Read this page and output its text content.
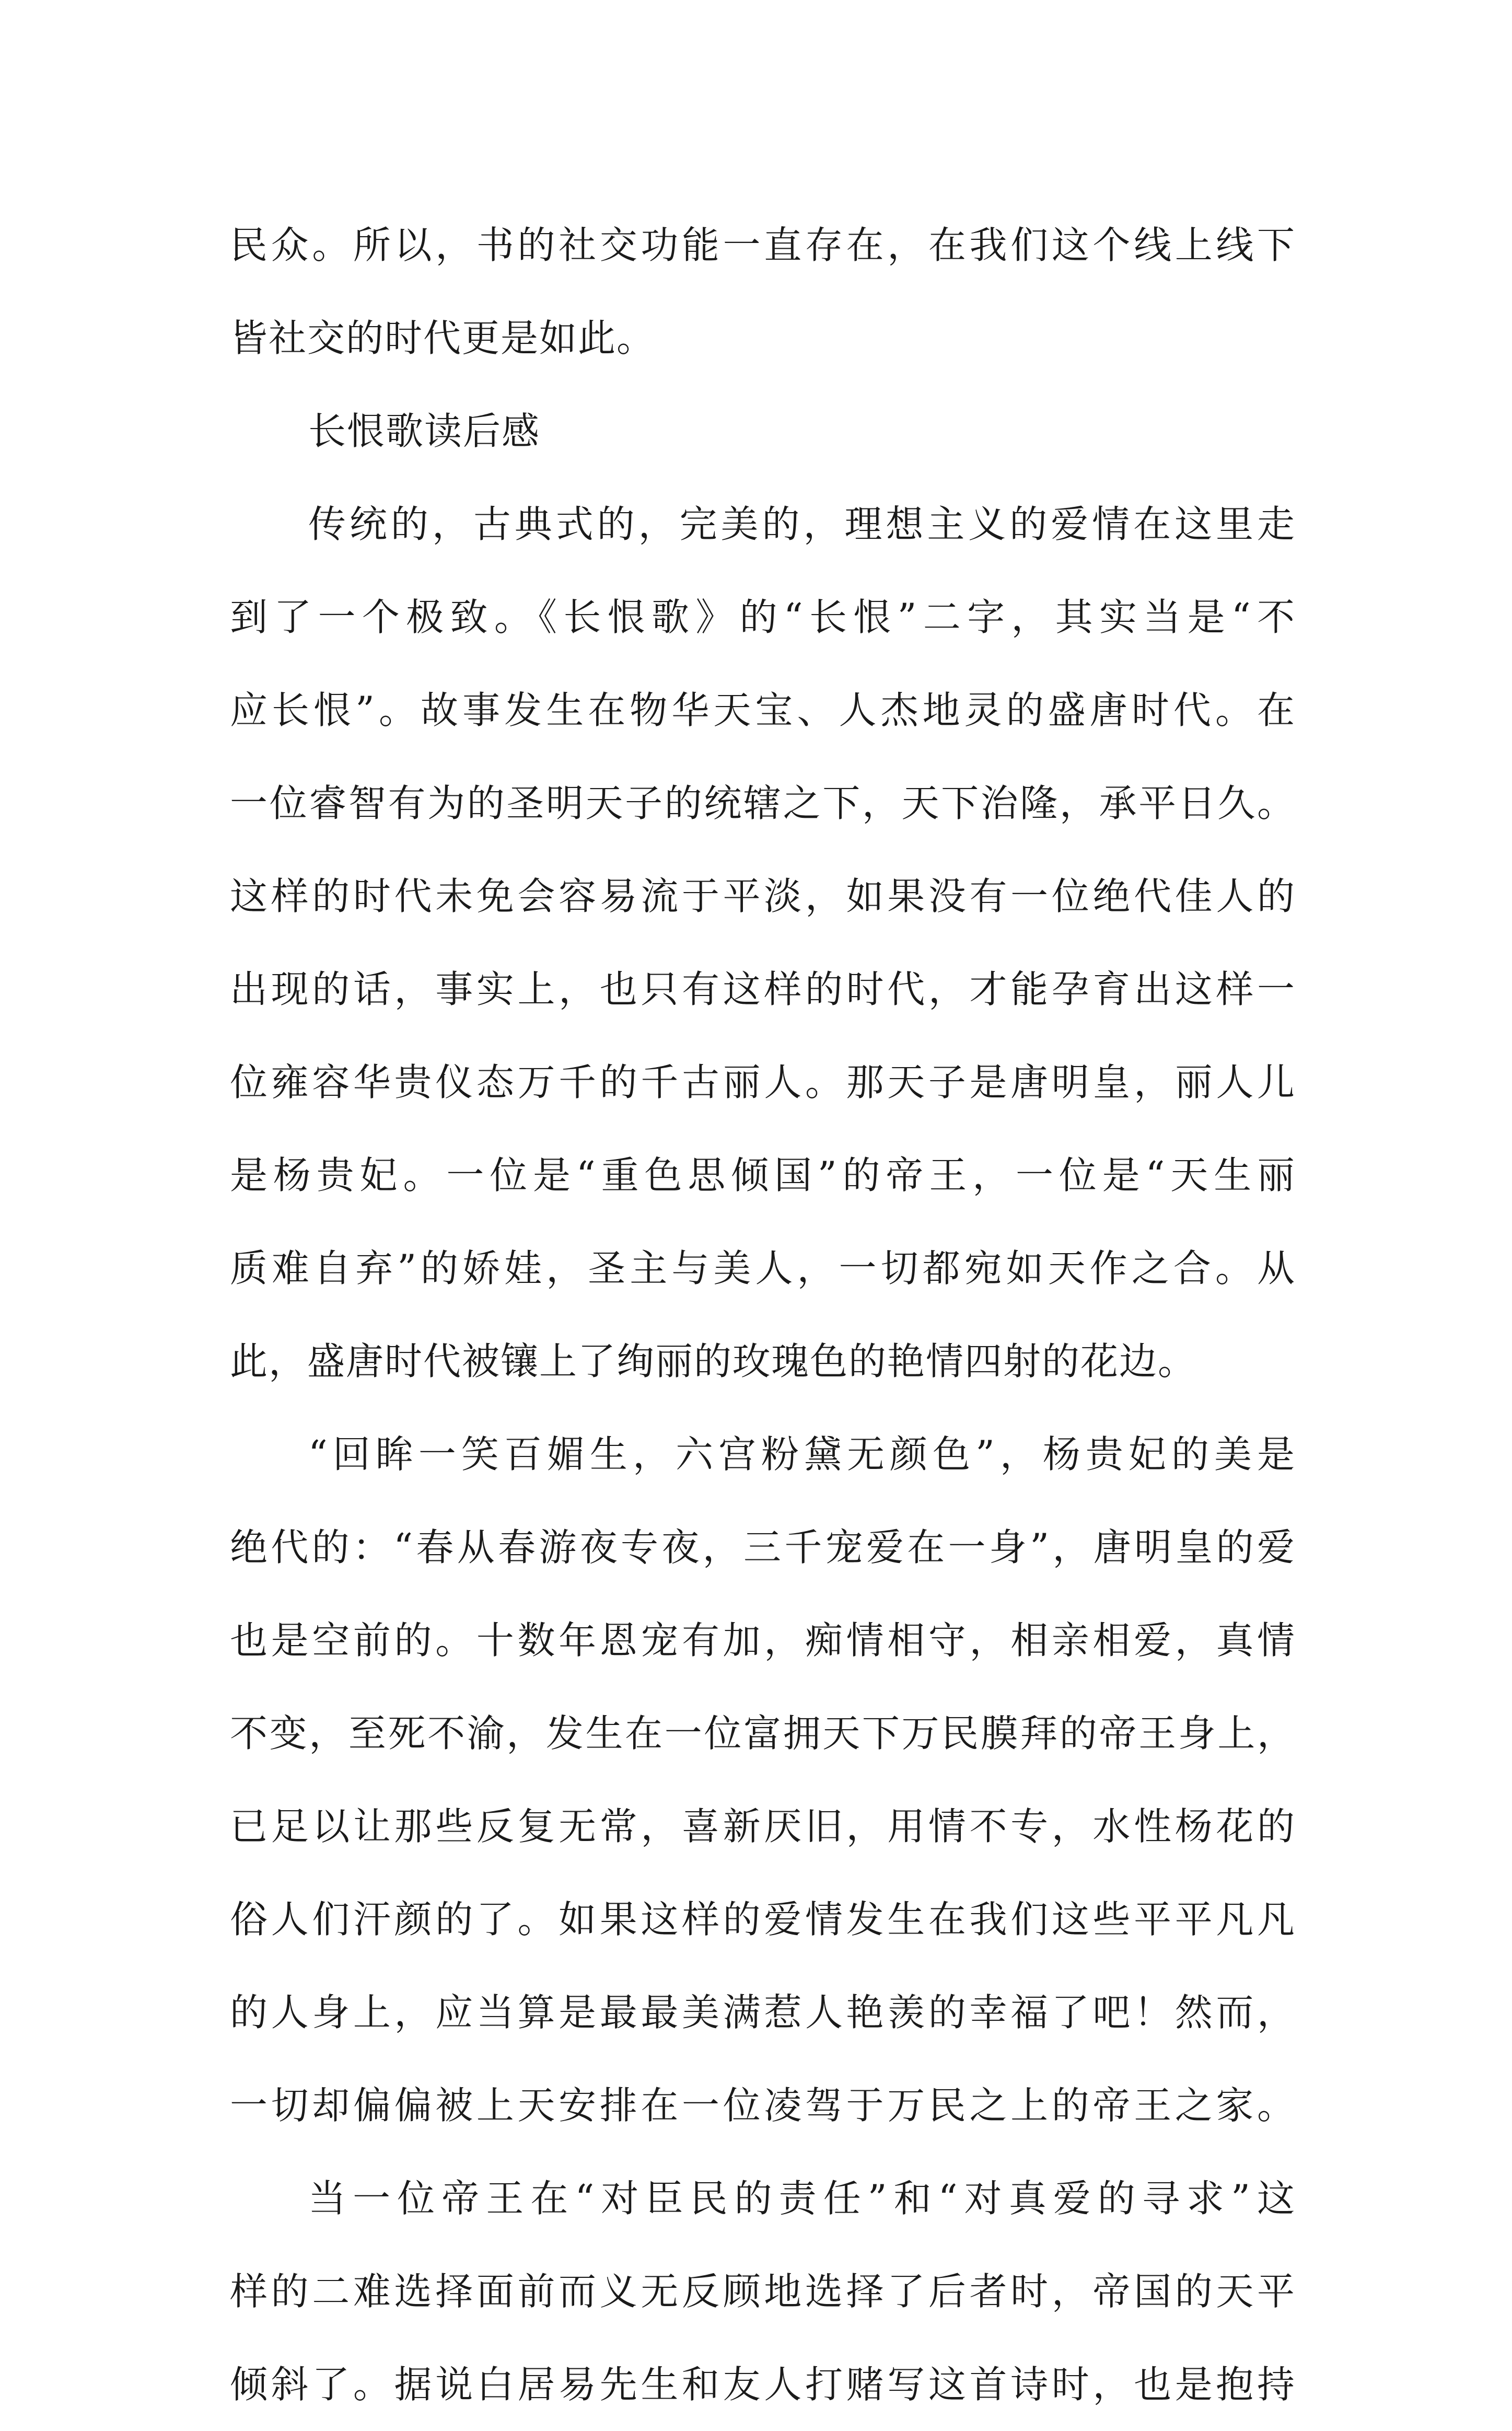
民众。所以，书的社交功能一直存在，在我们这个线上线下
皆社交的时代更是如此。
长恨歌读后感
传统的，古典式的，完美的，理想主义的爱情在这里走
到了一个极致。《长恨歌》的“长恨”二字，其实当是“不
应长恨”。故事发生在物华天宝、人杰地灵的盛唐时代。在
一位睿智有为的圣明天子的统辖之下，天下治隆，承平日久。
这样的时代未免会容易流于平淡，如果没有一位绝代佳人的
出现的话，事实上，也只有这样的时代，才能孕育出这样一
位雍容华贵仪态万千的千古丽人。那天子是唐明皇，丽人儿
是杨贵妃。一位是“重色思倾国”的帝王，一位是“天生丽
质难自弃”的娇娃，圣主与美人，一切都宛如天作之合。从
此，盛唐时代被镶上了绚丽的玫瑰色的艳情四射的花边。
“回眸一笑百媚生，六宫粉黛无颜色”，杨贵妃的美是
绝代的：“春从春游夜专夜，三千宠爱在一身”，唐明皇的爱
也是空前的。十数年恩宠有加，痴情相守，相亲相爱，真情
不变，至死不渝，发生在一位富拥天下万民膜拜的帝王身上，
已足以让那些反复无常，喜新厌旧，用情不专，水性杨花的
俗人们汗颜的了。如果这样的爱情发生在我们这些平平凡凡
的人身上，应当算是最最美满惹人艳羡的幸福了吧！然而，
一切却偏偏被上天安排在一位凌驾于万民之上的帝王之家。
当一位帝王在“对臣民的责任”和“对真爱的寻求”这
样的二难选择面前而义无反顾地选择了后者时，帝国的天平
倾斜了。据说白居易先生和友人打赌写这首诗时，也是抱持
